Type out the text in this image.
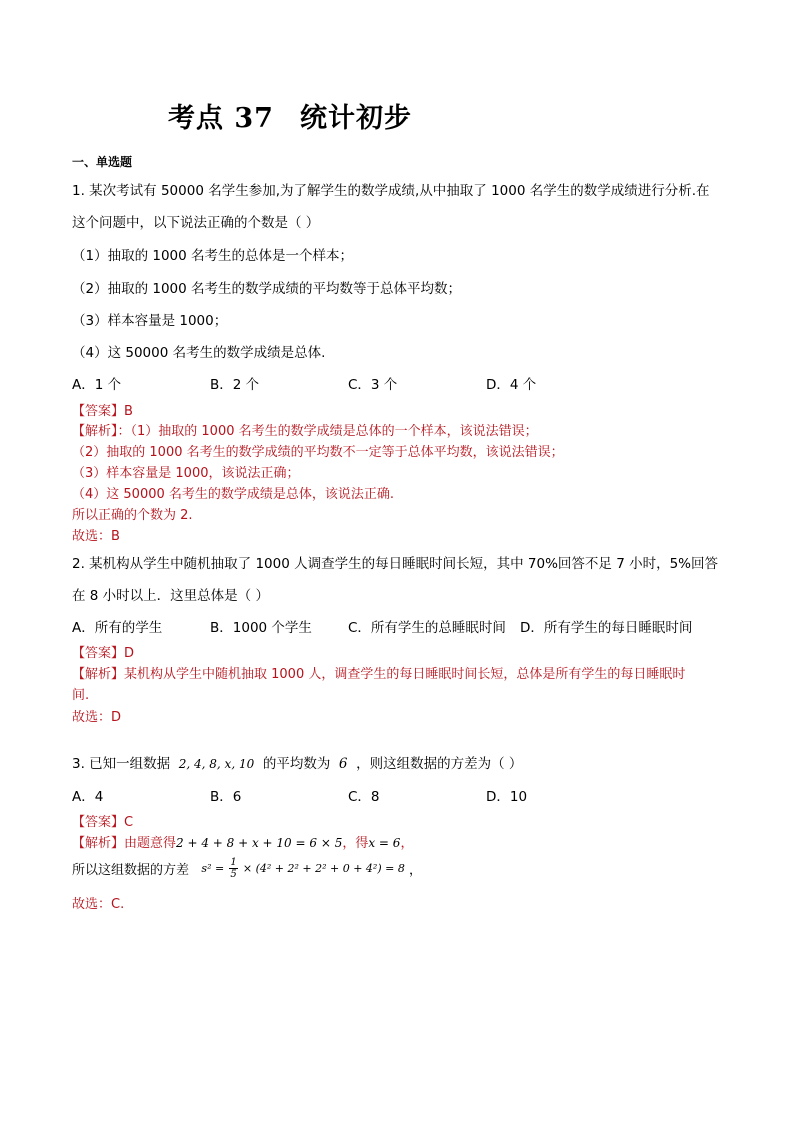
考点 37 统计初步
一、单选题
1. 某次考试有 50000 名学生参加,为了解学生的数学成绩,从中抽取了 1000 名学生的数学成绩进行分析.在
这个问题中，以下说法正确的个数是（ ）
（1）抽取的 1000 名考生的总体是一个样本；
（2）抽取的 1000 名考生的数学成绩的平均数等于总体平均数；
（3）样本容量是 1000；
（4）这 50000 名考生的数学成绩是总体.
A．1 个	B．2 个	C．3 个	D．4 个
【答案】B
【解析】：（1）抽取的 1000 名考生的数学成绩是总体的一个样本，该说法错误；
（2）抽取的 1000 名考生的数学成绩的平均数不一定等于总体平均数，该说法错误；
（3）样本容量是 1000，该说法正确；
（4）这 50000 名考生的数学成绩是总体，该说法正确.
所以正确的个数为 2.
故选：B
2. 某机构从学生中随机抽取了 1000 人调查学生的每日睡眠时间长短，其中 70%回答不足 7 小时，5%回答
在 8 小时以上．这里总体是（ ）
A．所有的学生	B．1000 个学生	C．所有学生的总睡眠时间 D．所有学生的每日睡眠时间
【答案】D
【解析】某机构从学生中随机抽取 1000 人，调查学生的每日睡眠时间长短，总体是所有学生的每日睡眠时
间.
故选：D
3. 已知一组数据 2, 4, 8, x, 10 的平均数为 6 ，则这组数据的方差为（ ）
A．4	B．6	C．8	D．10
【答案】C
【解析】由题意得2 + 4 + 8 + x + 10 = 6 × 5，得x = 6，
所以这组数据的方差 $s^2 = \frac{1}{5} \times (4^2 + 2^2 + 2^2 + 0 + 4^2) = 8$ ，
故选：C.
